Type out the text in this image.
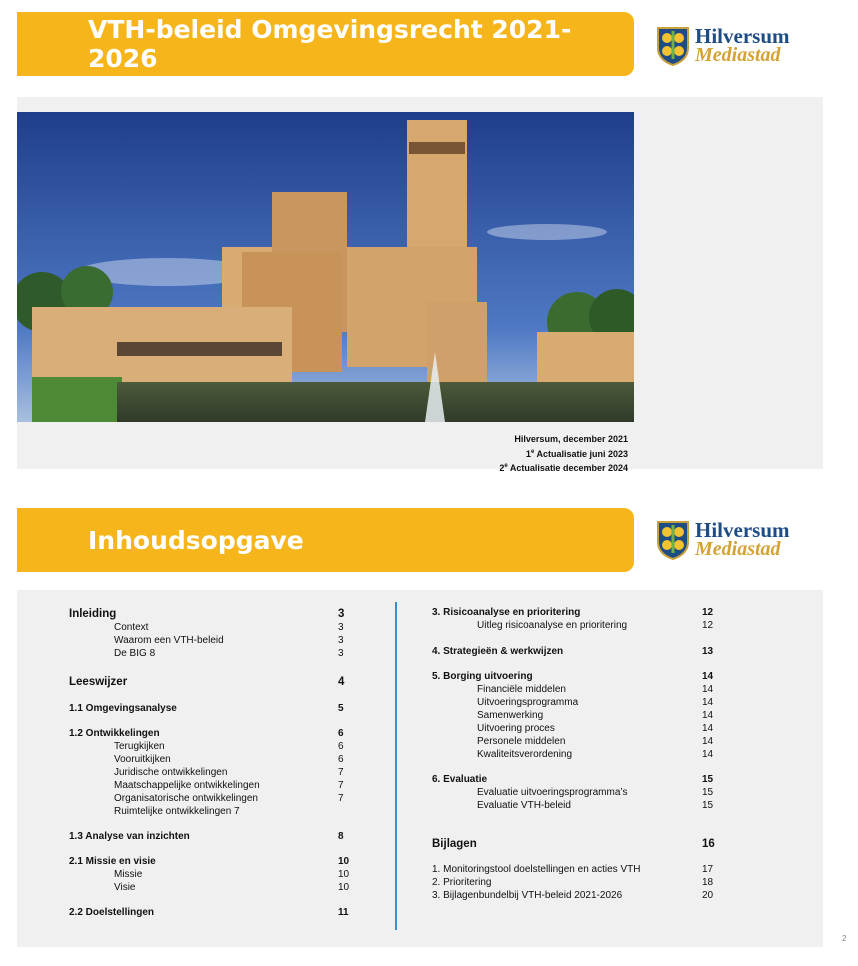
VTH-beleid Omgevingsrecht 2021-2026
Hilversum
Mediastad
Hilversum, december 2021
1e Actualisatie juni 2023
2e Actualisatie december 2024
Inhoudsopgave	Hilversum
Mediastad
Inleiding	3
Context	3
Waarom een VTH-beleid	3
De BIG 8	3
Leeswijzer	4
1.1 Omgevingsanalyse	5
1.2 Ontwikkelingen	6
Terugkijken	6
Vooruitkijken	6
Juridische ontwikkelingen	7
Maatschappelijke ontwikkelingen	7
Organisatorische ontwikkelingen	7
Ruimtelijke ontwikkelingen 7
1.3 Analyse van inzichten	8
2.1 Missie en visie	10
Missie	10
Visie	10
2.2 Doelstellingen	11
3. Risicoanalyse en prioritering	12
Uitleg risicoanalyse en prioritering	12
4. Strategieën & werkwijzen	13
5. Borging uitvoering	14
Financiële middelen	14
Uitvoeringsprogramma	14
Samenwerking	14
Uitvoering proces	14
Personele middelen	14
Kwaliteitsverordening	14
6. Evaluatie	15
Evaluatie uitvoeringsprogramma’s	15
Evaluatie VTH-beleid	15
Bijlagen	16
1. Monitoringstool doelstellingen en acties VTH	17
2. Prioritering	18
3. Bijlagenbundelbij VTH-beleid 2021-2026	20
2
